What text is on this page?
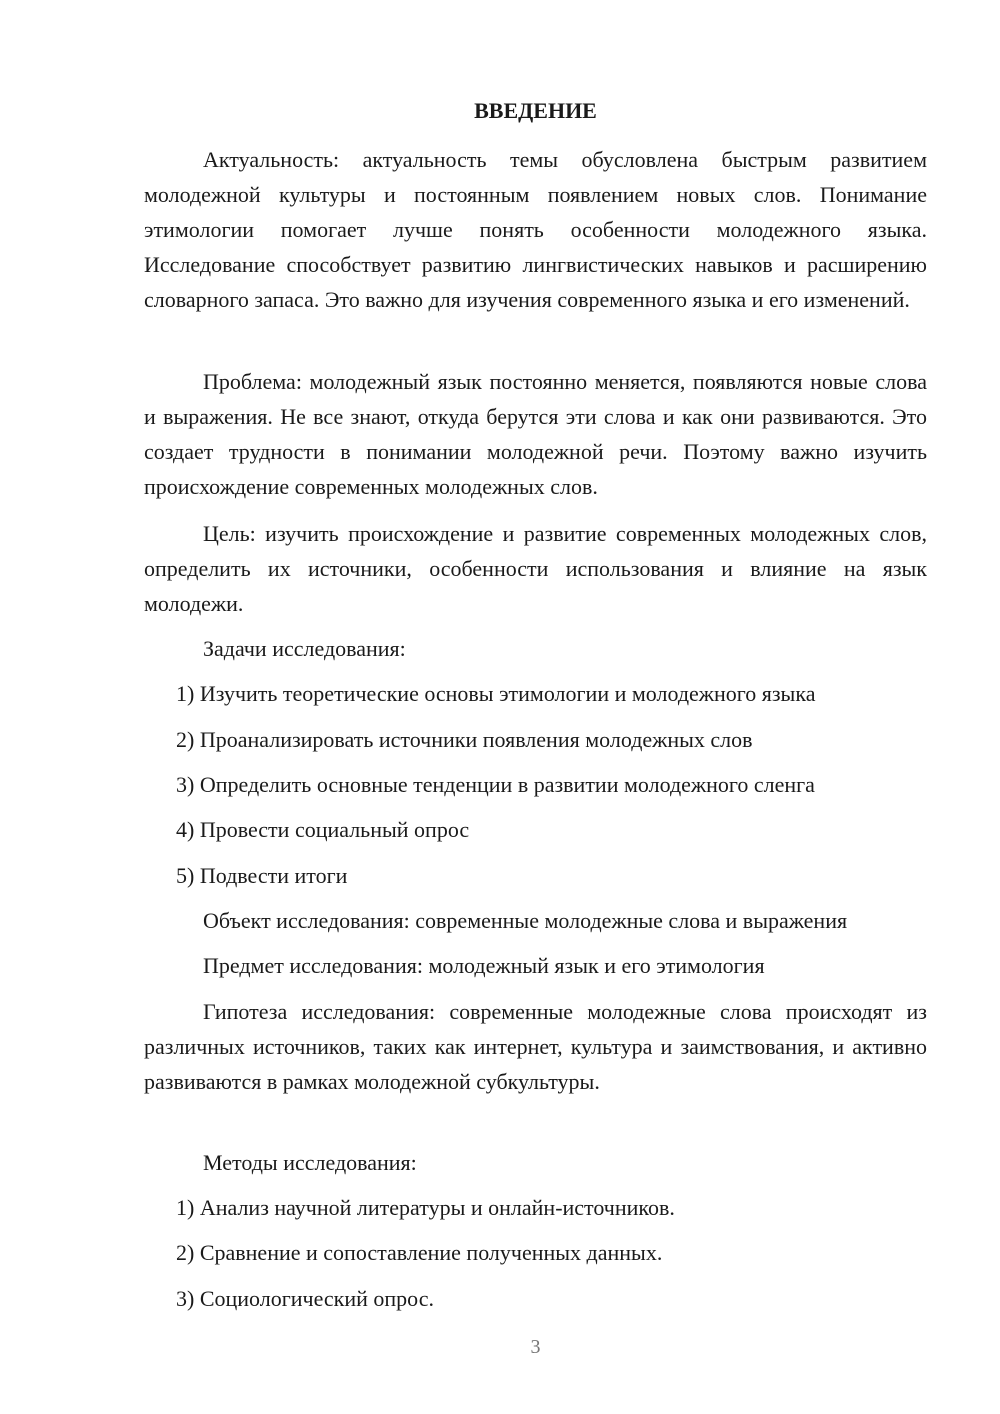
ВВЕДЕНИЕ

Актуальность: актуальность темы обусловлена быстрым развитием молодежной культуры и постоянным появлением новых слов. Понимание этимологии помогает лучше понять особенности молодежного языка. Исследование способствует развитию лингвистических навыков и расширению словарного запаса. Это важно для изучения современного языка и его изменений.

Проблема: молодежный язык постоянно меняется, появляются новые слова и выражения. Не все знают, откуда берутся эти слова и как они развиваются. Это создает трудности в понимании молодежной речи. Поэтому важно изучить происхождение современных молодежных слов.

Цель: изучить происхождение и развитие современных молодежных слов, определить их источники, особенности использования и влияние на язык молодежи.

Задачи исследования:

1) Изучить теоретические основы этимологии и молодежного языка

2) Проанализировать источники появления молодежных слов

3) Определить основные тенденции в развитии молодежного сленга

4) Провести социальный опрос

5) Подвести итоги

Объект исследования: современные молодежные слова и выражения

Предмет исследования: молодежный язык и его этимология

Гипотеза исследования: современные молодежные слова происходят из различных источников, таких как интернет, культура и заимствования, и активно развиваются в рамках молодежной субкультуры.

Методы исследования:

1) Анализ научной литературы и онлайн-источников.

2) Сравнение и сопоставление полученных данных.

3) Социологический опрос.

3
